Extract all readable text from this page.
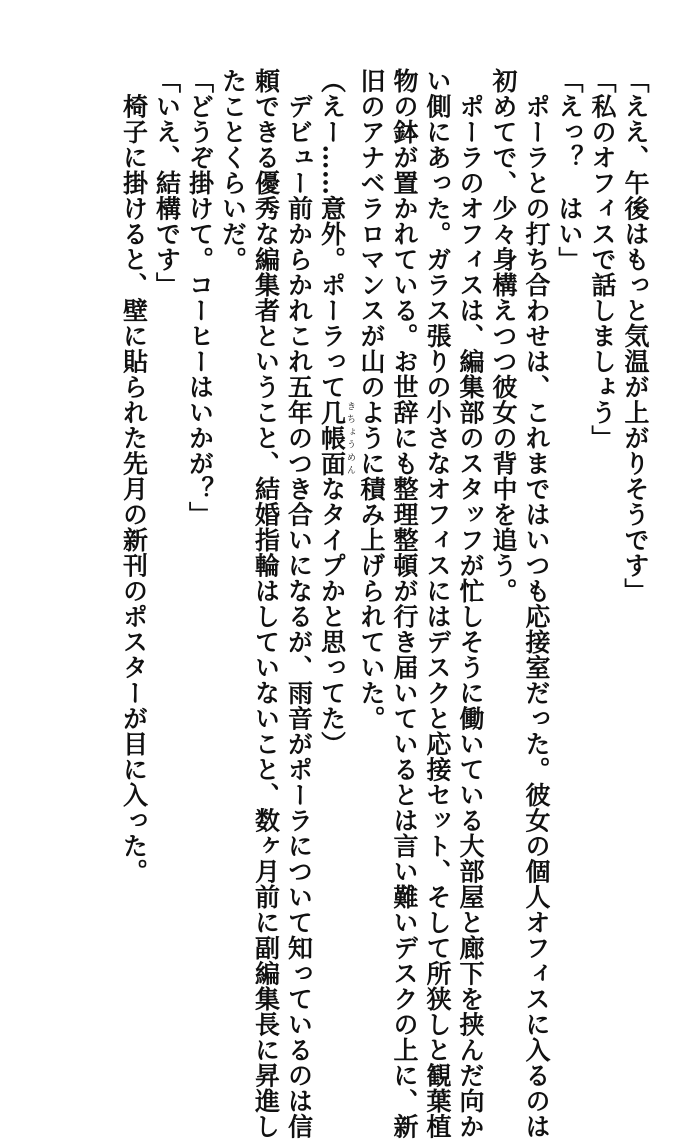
「ええ、午後はもっと気温が上がりそうです」
「私のオフィスで話しましょう」
「えっ？　はい」
　ポーラとの打ち合わせは、これまではいつも応接室だった。彼女の個人オフィスに入るのは
初めてで、少々身構えつつ彼女の背中を追う。
　ポーラのオフィスは、編集部のスタッフが忙しそうに働いている大部屋と廊下を挟んだ向か
い側にあった。ガラス張りの小さなオフィスにはデスクと応接セット、そして所狭しと観葉植
物の鉢が置かれている。お世辞にも整理整頓が行き届いているとは言い難いデスクの上に、新
旧のアナベラロマンスが山のように積み上げられていた。
（えー……意外。ポーラって几帳面きちょうめんなタイプかと思ってた）
　デビュー前からかれこれ五年のつき合いになるが、雨音がポーラについて知っているのは信
頼できる優秀な編集者ということ、結婚指輪はしていないこと、数ヶ月前に副編集長に昇進し
たことくらいだ。
「どうぞ掛けて。コーヒーはいかが？」
「いえ、結構です」
　椅子に掛けると、壁に貼られた先月の新刊のポスターが目に入った。
